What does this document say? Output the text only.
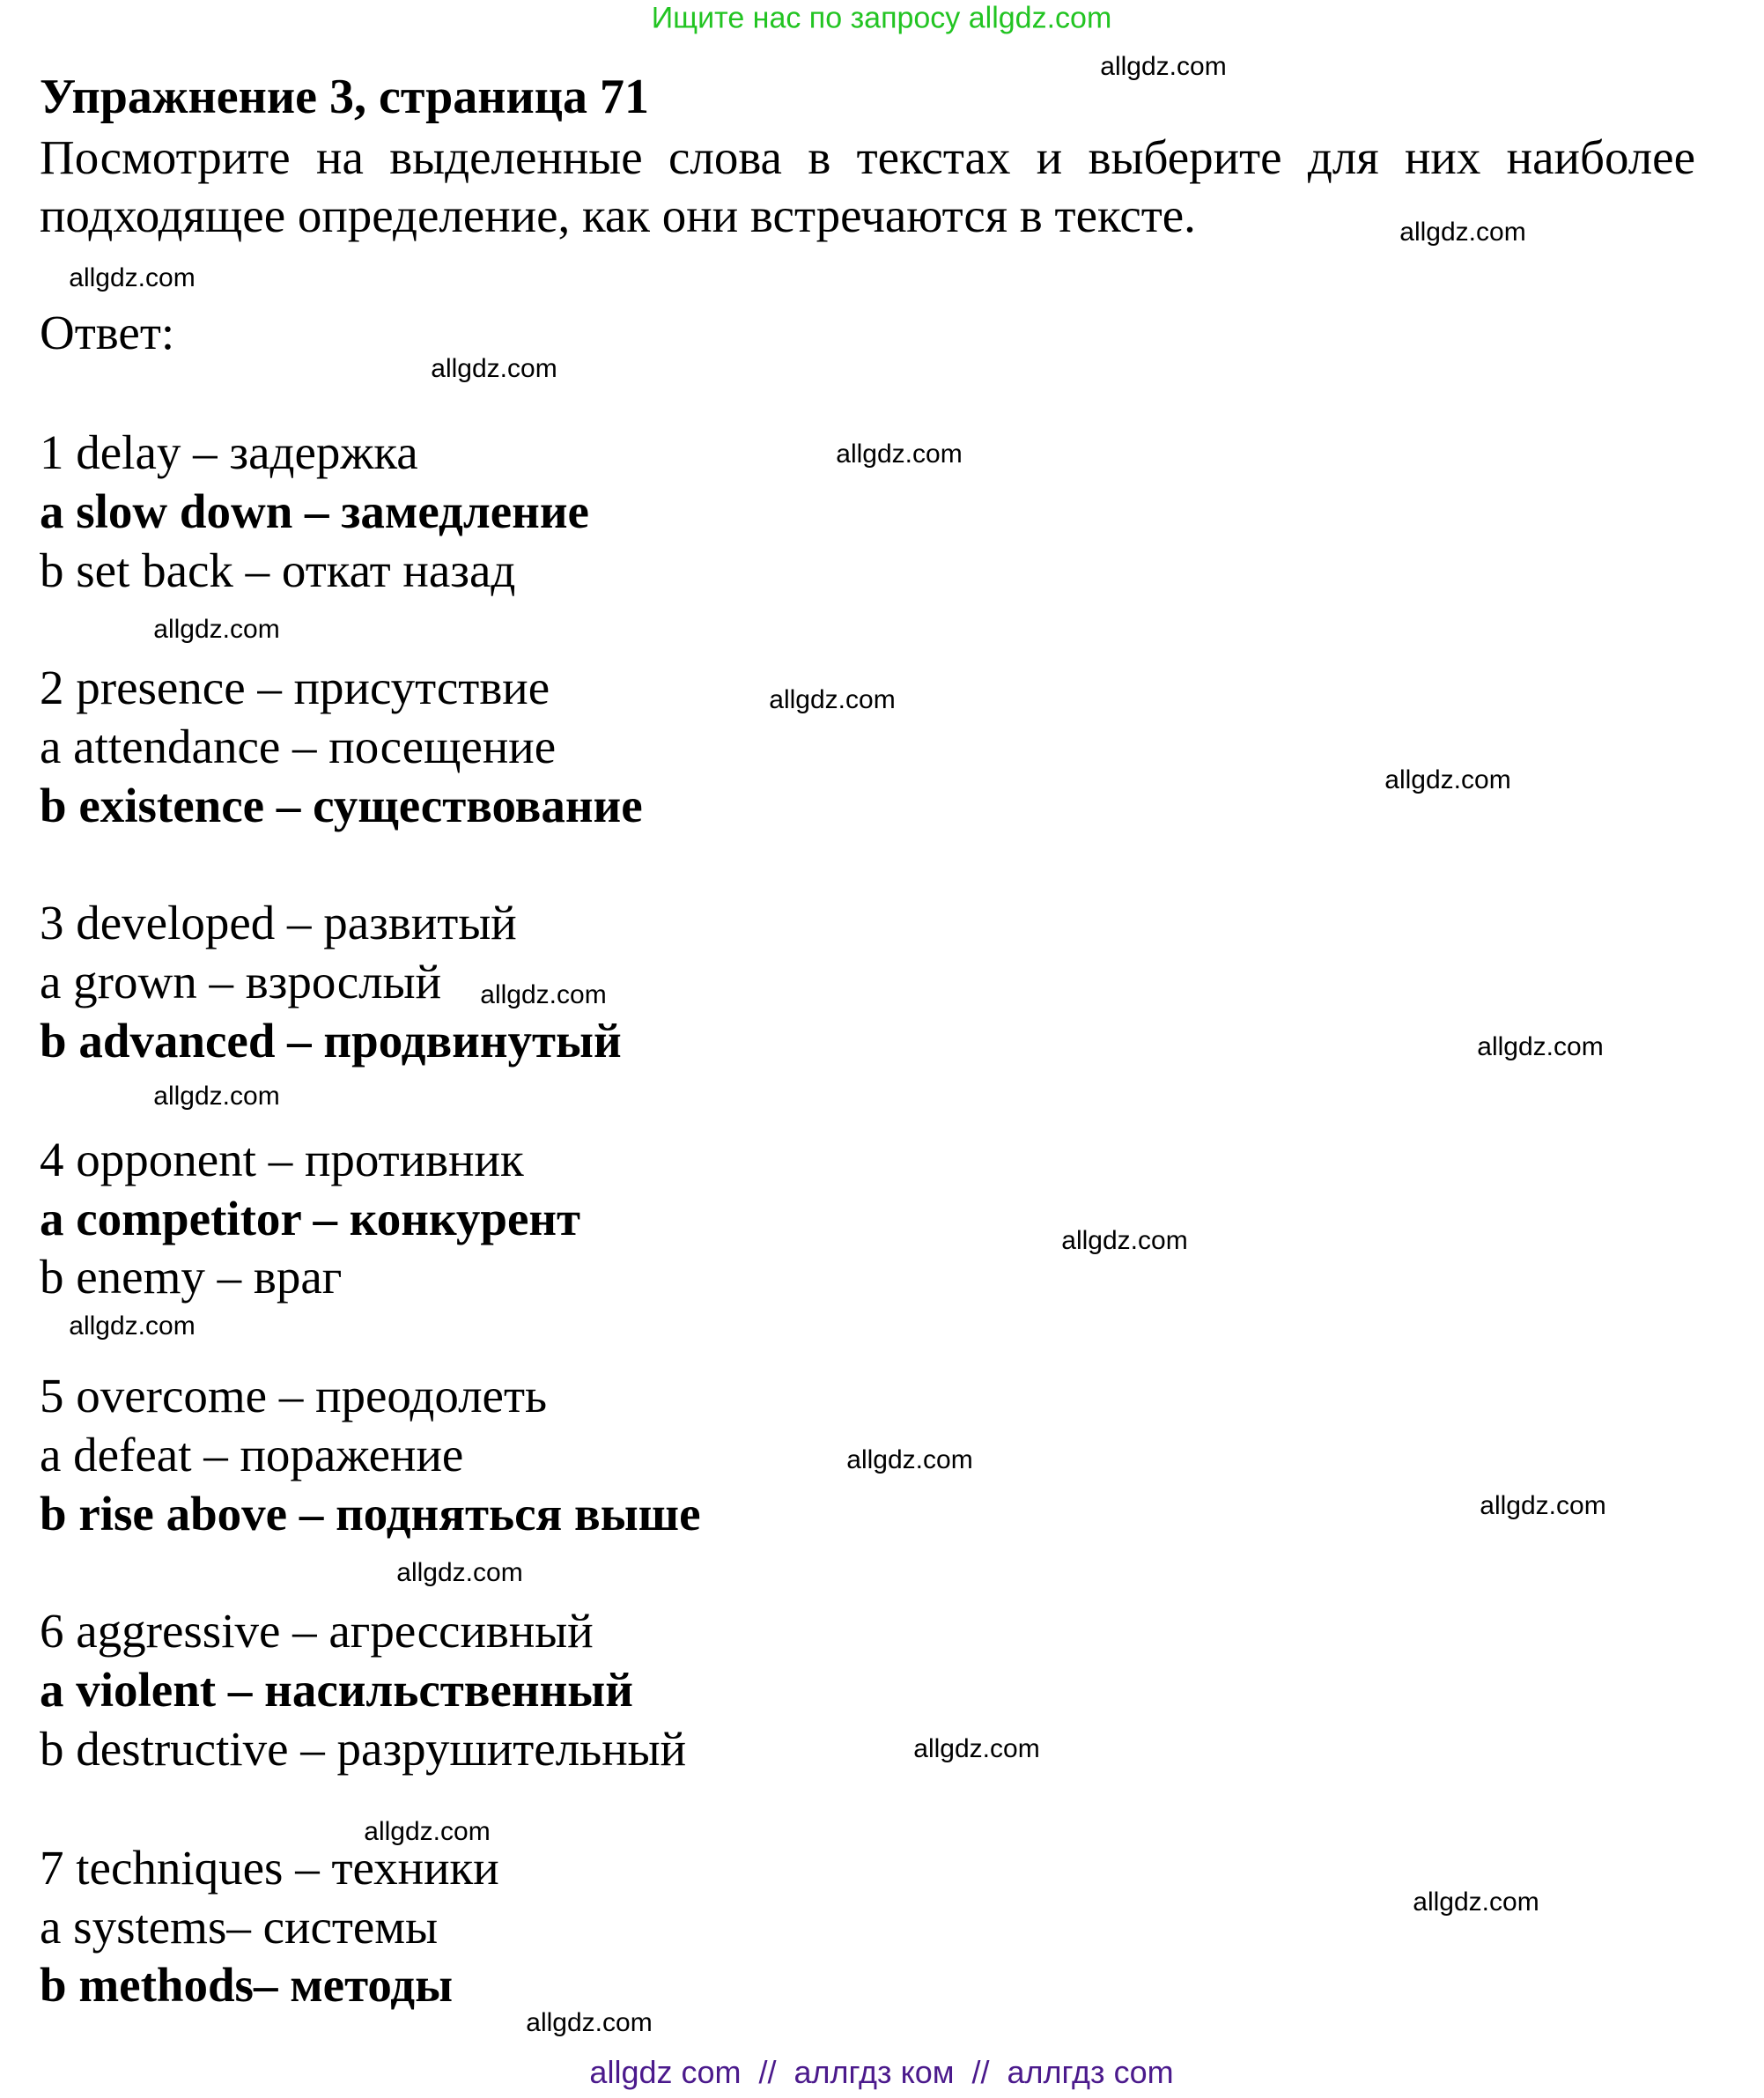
Ищите нас по запросу allgdz.com
Упражнение 3, страница 71
Посмотрите на выделенные слова в текстах и выберите для них наиболее подходящее определение, как они встречаются в тексте.
Ответ:
1 delay – задержка
a slow down – замедление
b set back – откат назад
2 presence – присутствие
a attendance – посещение
b existence – существование
3 developed – развитый
a grown – взрослый
b advanced – продвинутый
4 opponent – противник
a competitor – конкурент
b enemy – враг
5 overcome – преодолеть
a defeat – поражение
b rise above – подняться выше
6 aggressive – агрессивный
a violent – насильственный
b destructive – разрушительный
7 techniques – техники
a systems– системы
b methods– методы
allgdz.com
allgdz.com
allgdz.com
allgdz.com
allgdz.com
allgdz.com
allgdz.com
allgdz.com
allgdz.com
allgdz.com
allgdz.com
allgdz.com
allgdz.com
allgdz.com
allgdz.com
allgdz.com
allgdz.com
allgdz.com
allgdz.com
allgdz.com
allgdz com  //  аллгдз ком  //  аллгдз com
